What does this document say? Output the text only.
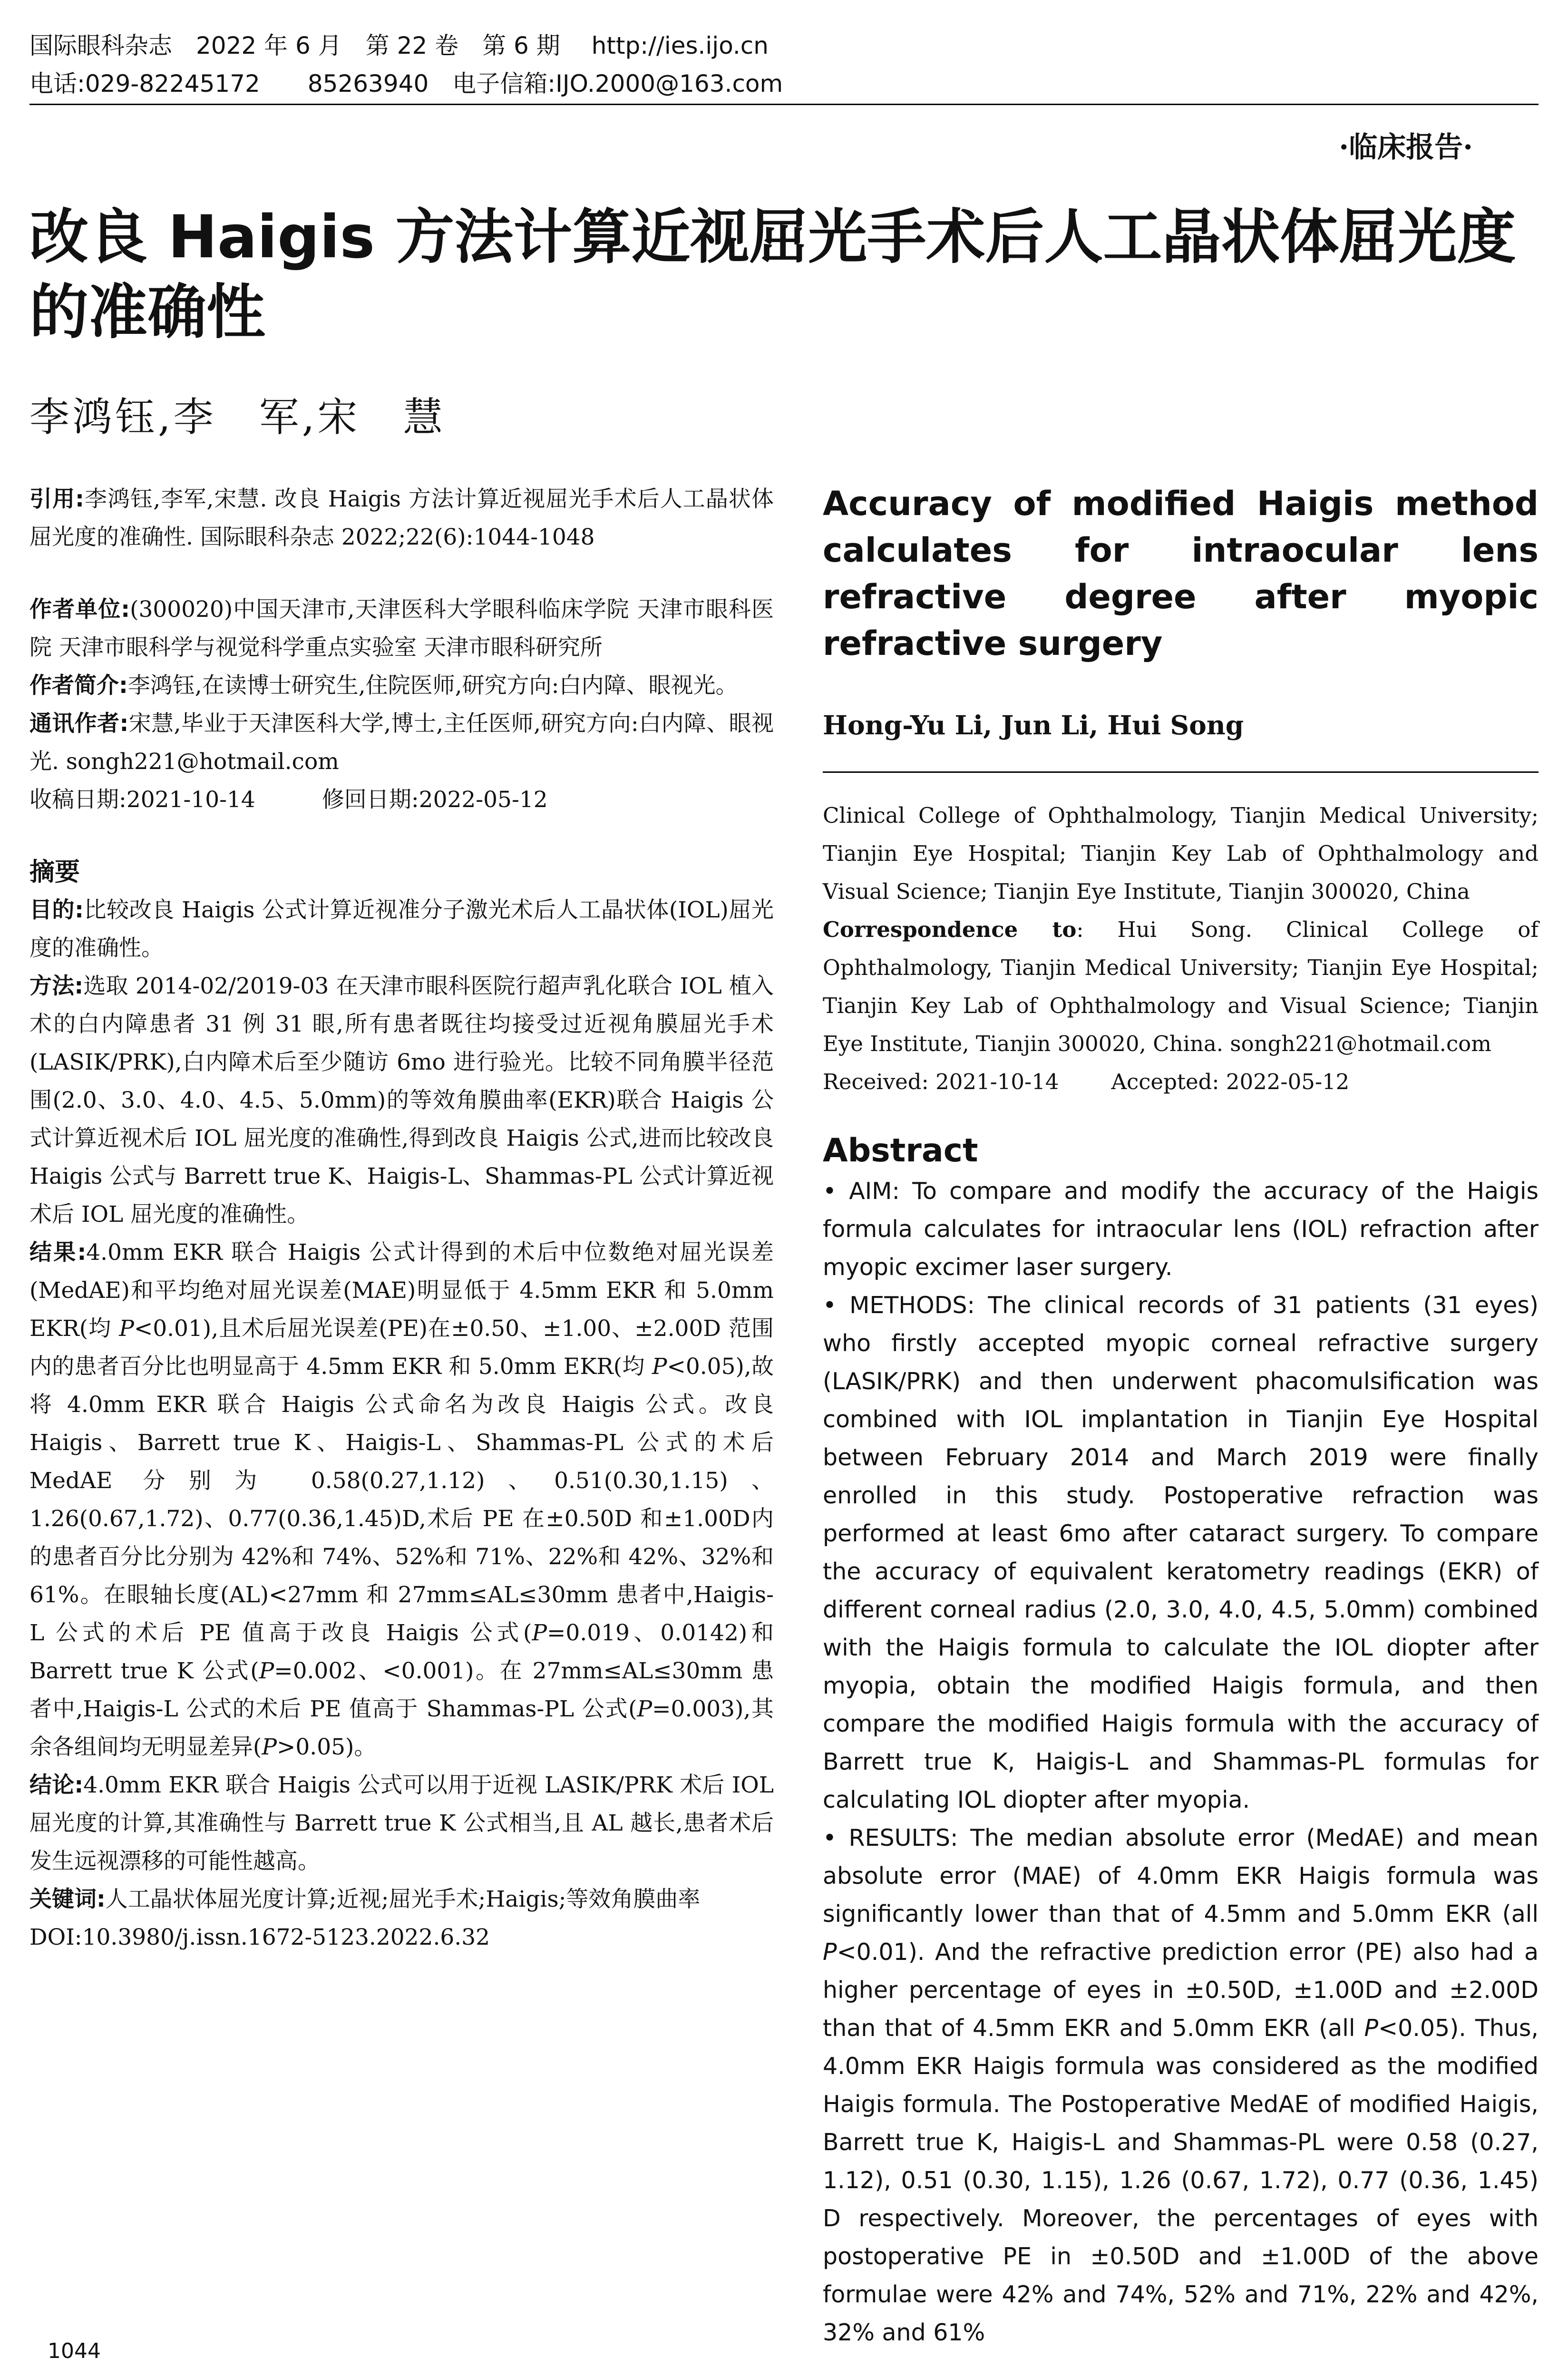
国际眼科杂志　2022 年 6 月　第 22 卷　第 6 期　 http://ies.ijo.cn
电话:029-82245172　　85263940　电子信箱:IJO.2000@163.com
·临床报告·
改良 Haigis 方法计算近视屈光手术后人工晶状体屈光度的准确性
李鸿钰,李　军,宋　慧

引用:李鸿钰,李军,宋慧. 改良 Haigis 方法计算近视屈光手术后人工晶状体屈光度的准确性. 国际眼科杂志 2022;22(6):1044-1048

作者单位:(300020)中国天津市,天津医科大学眼科临床学院 天津市眼科医院 天津市眼科学与视觉科学重点实验室 天津市眼科研究所

作者简介:李鸿钰,在读博士研究生,住院医师,研究方向:白内障、眼视光。

通讯作者:宋慧,毕业于天津医科大学,博士,主任医师,研究方向:白内障、眼视光. songh221@hotmail.com

收稿日期:2021-10-14	修回日期:2022-05-12

摘要

目的:比较改良 Haigis 公式计算近视准分子激光术后人工晶状体(IOL)屈光度的准确性。

方法:选取 2014-02/2019-03 在天津市眼科医院行超声乳化联合 IOL 植入术的白内障患者 31 例 31 眼,所有患者既往均接受过近视角膜屈光手术(LASIK/PRK),白内障术后至少随访 6mo 进行验光。比较不同角膜半径范围(2.0、3.0、4.0、4.5、5.0mm)的等效角膜曲率(EKR)联合 Haigis 公式计算近视术后 IOL 屈光度的准确性,得到改良 Haigis 公式,进而比较改良 Haigis 公式与 Barrett true K、Haigis-L、Shammas-PL 公式计算近视术后 IOL 屈光度的准确性。

结果:4.0mm EKR 联合 Haigis 公式计得到的术后中位数绝对屈光误差(MedAE)和平均绝对屈光误差(MAE)明显低于 4.5mm EKR 和 5.0mm EKR(均 P<0.01),且术后屈光误差(PE)在±0.50、±1.00、±2.00D 范围内的患者百分比也明显高于 4.5mm EKR 和 5.0mm EKR(均 P<0.05),故将 4.0mm EKR 联合 Haigis 公式命名为改良 Haigis 公式。改良 Haigis、Barrett true K、Haigis-L、Shammas-PL 公式的术后 MedAE 分别为 0.58(0.27,1.12)、0.51(0.30,1.15)、1.26(0.67,1.72)、0.77(0.36,1.45)D,术后 PE 在±0.50D 和±1.00D内的患者百分比分别为 42%和 74%、52%和 71%、22%和 42%、32%和 61%。在眼轴长度(AL)<27mm 和 27mm≤AL≤30mm 患者中,Haigis-L 公式的术后 PE 值高于改良 Haigis 公式(P=0.019、0.0142)和 Barrett true K 公式(P=0.002、<0.001)。在 27mm≤AL≤30mm 患者中,Haigis-L 公式的术后 PE 值高于 Shammas-PL 公式(P=0.003),其余各组间均无明显差异(P>0.05)。

结论:4.0mm EKR 联合 Haigis 公式可以用于近视 LASIK/PRK 术后 IOL 屈光度的计算,其准确性与 Barrett true K 公式相当,且 AL 越长,患者术后发生远视漂移的可能性越高。

关键词:人工晶状体屈光度计算;近视;屈光手术;Haigis;等效角膜曲率

DOI:10.3980/j.issn.1672-5123.2022.6.32

Accuracy of modified Haigis method calculates for intraocular lens refractive degree after myopic refractive surgery
Hong-Yu Li, Jun Li, Hui Song

Clinical College of Ophthalmology, Tianjin Medical University; Tianjin Eye Hospital; Tianjin Key Lab of Ophthalmology and Visual Science; Tianjin Eye Institute, Tianjin 300020, China

Correspondence to: Hui Song. Clinical College of Ophthalmology, Tianjin Medical University; Tianjin Eye Hospital; Tianjin Key Lab of Ophthalmology and Visual Science; Tianjin Eye Institute, Tianjin 300020, China. songh221@hotmail.com

Received: 2021-10-14 Accepted: 2022-05-12

Abstract

• AIM: To compare and modify the accuracy of the Haigis formula calculates for intraocular lens (IOL) refraction after myopic excimer laser surgery.

• METHODS: The clinical records of 31 patients (31 eyes) who firstly accepted myopic corneal refractive surgery (LASIK/PRK) and then underwent phacomulsification was combined with IOL implantation in Tianjin Eye Hospital between February 2014 and March 2019 were finally enrolled in this study. Postoperative refraction was performed at least 6mo after cataract surgery. To compare the accuracy of equivalent keratometry readings (EKR) of different corneal radius (2.0, 3.0, 4.0, 4.5, 5.0mm) combined with the Haigis formula to calculate the IOL diopter after myopia, obtain the modified Haigis formula, and then compare the modified Haigis formula with the accuracy of Barrett true K, Haigis-L and Shammas-PL formulas for calculating IOL diopter after myopia.

• RESULTS: The median absolute error (MedAE) and mean absolute error (MAE) of 4.0mm EKR Haigis formula was significantly lower than that of 4.5mm and 5.0mm EKR (all P<0.01). And the refractive prediction error (PE) also had a higher percentage of eyes in ±0.50D, ±1.00D and ±2.00D than that of 4.5mm EKR and 5.0mm EKR (all P<0.05). Thus, 4.0mm EKR Haigis formula was considered as the modified Haigis formula. The Postoperative MedAE of modified Haigis, Barrett true K, Haigis-L and Shammas-PL were 0.58 (0.27, 1.12), 0.51 (0.30, 1.15), 1.26 (0.67, 1.72), 0.77 (0.36, 1.45) D respectively. Moreover, the percentages of eyes with postoperative PE in ±0.50D and ±1.00D of the above formulae were 42% and 74%, 52% and 71%, 22% and 42%, 32% and 61%

1044
